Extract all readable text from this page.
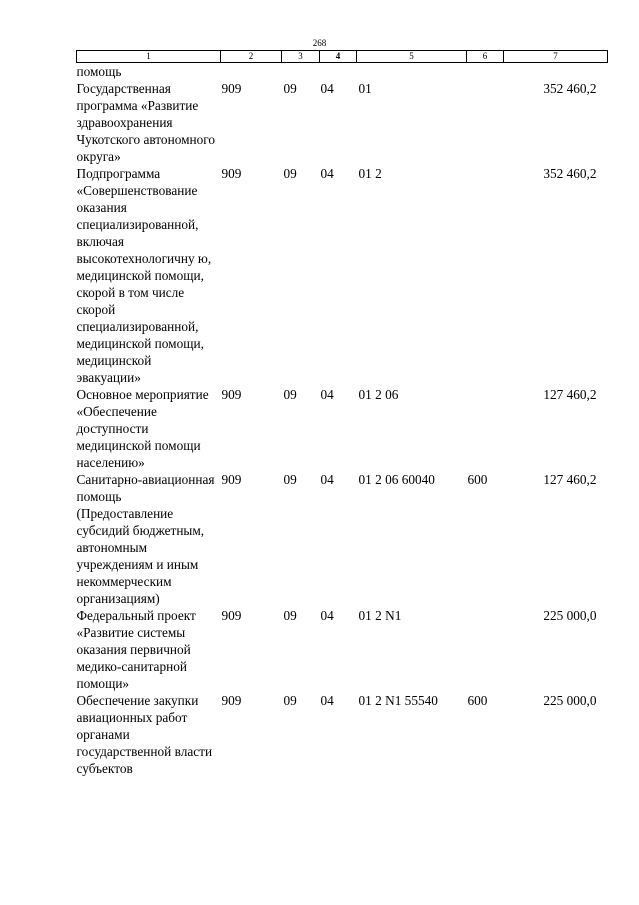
268
1	2	3	4	5	6	7
помощь						
Государственная программа «Развитие здравоохранения Чукотского автономного округа»	909	09	04	01		352 460,2
Подпрограмма «Совершенствование оказания специализированной, включая высокотехнологичну ю, медицинской помощи, скорой в том числе скорой специализированной, медицинской помощи, медицинской эвакуации»	909	09	04	01 2		352 460,2
Основное мероприятие «Обеспечение доступности медицинской помощи населению»	909	09	04	01 2 06		127 460,2
Санитарно-авиационная помощь (Предоставление субсидий бюджетным, автономным учреждениям и иным некоммерческим организациям)	909	09	04	01 2 06 60040	600	127 460,2
Федеральный проект «Развитие системы оказания первичной медико-санитарной помощи»	909	09	04	01 2 N1		225 000,0
Обеспечение закупки авиационных работ органами государственной власти субъектов	909	09	04	01 2 N1 55540	600	225 000,0
